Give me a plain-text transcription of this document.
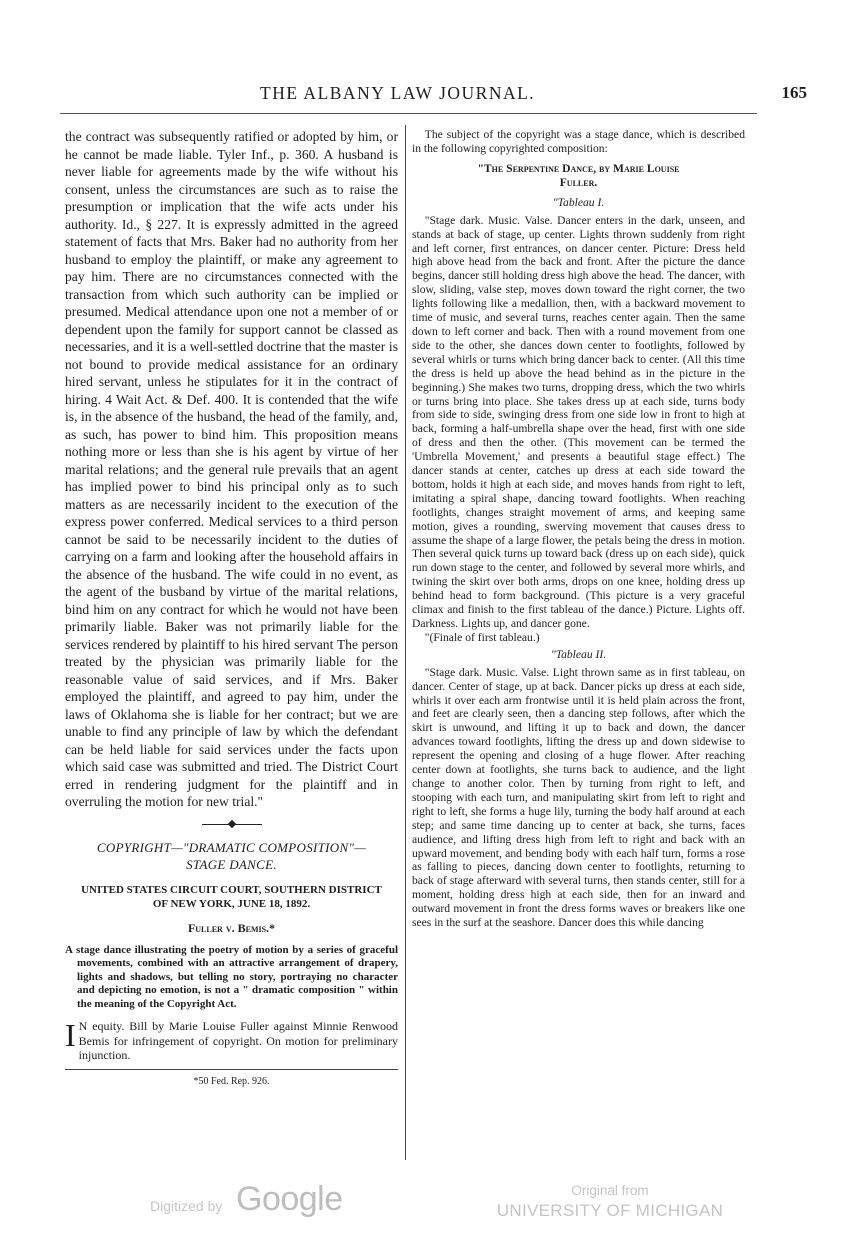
THE ALBANY LAW JOURNAL.	165

the contract was subsequently ratified or adopted by him, or he cannot be made liable. Tyler Inf., p. 360. A husband is never liable for agreements made by the wife without his consent, unless the circumstances are such as to raise the presumption or implication that the wife acts under his authority. Id., § 227. It is expressly admitted in the agreed statement of facts that Mrs. Baker had no authority from her husband to employ the plaintiff, or make any agreement to pay him. There are no circumstances connected with the transaction from which such authority can be implied or presumed. Medical attendance upon one not a member of or dependent upon the family for support cannot be classed as necessaries, and it is a well-settled doctrine that the master is not bound to provide medical assistance for an ordinary hired servant, unless he stipulates for it in the contract of hiring. 4 Wait Act. & Def. 400. It is contended that the wife is, in the absence of the husband, the head of the family, and, as such, has power to bind him. This proposition means nothing more or less than she is his agent by virtue of her marital relations; and the general rule prevails that an agent has implied power to bind his principal only as to such matters as are necessarily incident to the execution of the express power conferred. Medical services to a third person cannot be said to be necessarily incident to the duties of carrying on a farm and looking after the household affairs in the absence of the husband. The wife could in no event, as the agent of the busband by virtue of the marital relations, bind him on any contract for which he would not have been primarily liable. Baker was not primarily liable for the services rendered by plaintiff to his hired servant The person treated by the physician was primarily liable for the reasonable value of said services, and if Mrs. Baker employed the plaintiff, and agreed to pay him, under the laws of Oklahoma she is liable for her contract; but we are unable to find any principle of law by which the defendant can be held liable for said services under the facts upon which said case was submitted and tried. The District Court erred in rendering judgment for the plaintiff and in overruling the motion for new trial."

COPYRIGHT—"DRAMATIC COMPOSITION"—
STAGE DANCE.
UNITED STATES CIRCUIT COURT, SOUTHERN DISTRICT
OF NEW YORK, JUNE 18, 1892.
Fuller v. Bemis.*

A stage dance illustrating the poetry of motion by a series of graceful movements, combined with an attractive arrangement of drapery, lights and shadows, but telling no story, portraying no character and depicting no emotion, is not a " dramatic composition " within the meaning of the Copyright Act.

I N equity. Bill by Marie Louise Fuller against Minnie Renwood Bemis for infringement of copyright. On motion for preliminary injunction.

*50 Fed. Rep. 926.

The subject of the copyright was a stage dance, which is described in the following copyrighted composition:

"The Serpentine Dance, by Marie Louise
Fuller.
"Tableau I.

"Stage dark. Music. Valse. Dancer enters in the dark, unseen, and stands at back of stage, up center. Lights thrown suddenly from right and left corner, first entrances, on dancer center. Picture: Dress held high above head from the back and front. After the picture the dance begins, dancer still holding dress high above the head. The dancer, with slow, sliding, valse step, moves down toward the right corner, the two lights following like a medallion, then, with a backward movement to time of music, and several turns, reaches center again. Then the same down to left corner and back. Then with a round movement from one side to the other, she dances down center to footlights, followed by several whirls or turns which bring dancer back to center. (All this time the dress is held up above the head behind as in the picture in the beginning.) She makes two turns, dropping dress, which the two whirls or turns bring into place. She takes dress up at each side, turns body from side to side, swinging dress from one side low in front to high at back, forming a half-umbrella shape over the head, first with one side of dress and then the other. (This movement can be termed the 'Umbrella Movement,' and presents a beautiful stage effect.) The dancer stands at center, catches up dress at each side toward the bottom, holds it high at each side, and moves hands from right to left, imitating a spiral shape, dancing toward footlights. When reaching footlights, changes straight movement of arms, and keeping same motion, gives a rounding, swerving movement that causes dress to assume the shape of a large flower, the petals being the dress in motion. Then several quick turns up toward back (dress up on each side), quick run down stage to the center, and followed by several more whirls, and twining the skirt over both arms, drops on one knee, holding dress up behind head to form background. (This picture is a very graceful climax and finish to the first tableau of the dance.) Picture. Lights off. Darkness. Lights up, and dancer gone.

"(Finale of first tableau.)

"Tableau II.

"Stage dark. Music. Valse. Light thrown same as in first tableau, on dancer. Center of stage, up at back. Dancer picks up dress at each side, whirls it over each arm frontwise until it is held plain across the front, and feet are clearly seen, then a dancing step follows, after which the skirt is unwound, and lifting it up to back and down, the dancer advances toward footlights, lifting the dress up and down sidewise to represent the opening and closing of a huge flower. After reaching center down at footlights, she turns back to audience, and the light change to another color. Then by turning from right to left, and stooping with each turn, and manipulating skirt from left to right and right to left, she forms a huge lily, turning the body half around at each step; and same time dancing up to center at back, she turns, faces audience, and lifting dress high from left to right and back with an upward movement, and bending body with each half turn, forms a rose as falling to pieces, dancing down center to footlights, returning to back of stage afterward with several turns, then stands center, still for a moment, holding dress high at each side, then for an inward and outward movement in front the dress forms waves or breakers like one sees in the surf at the seashore. Dancer does this while dancing

Digitized by Google	Original from
UNIVERSITY OF MICHIGAN
